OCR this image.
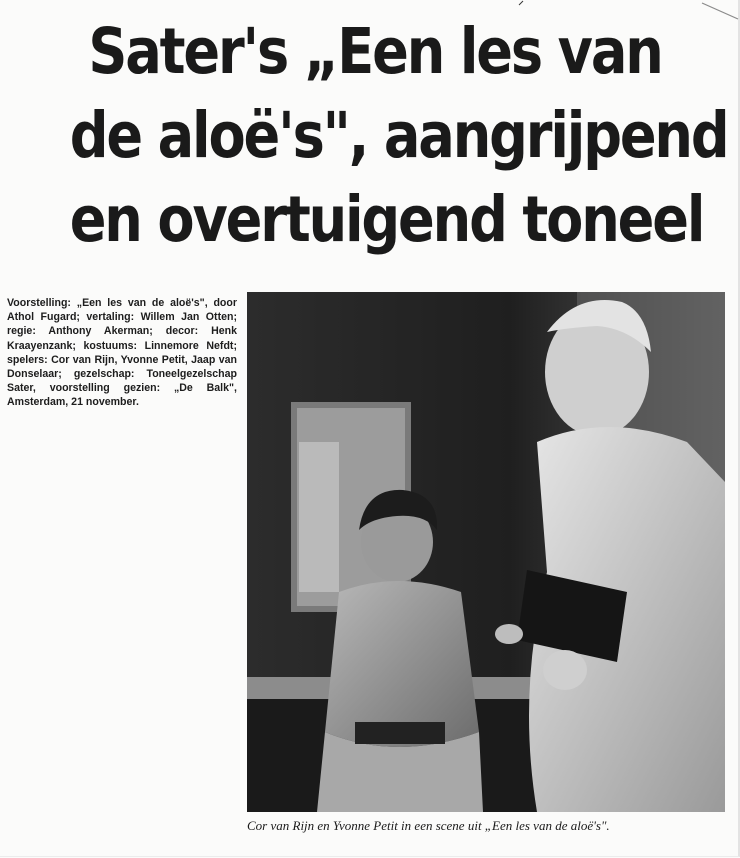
Sater's „Een les van
de aloë's", aangrijpend
en overtuigend toneel

Voorstelling: „Een les van de aloë's", door Athol Fugard; vertaling: Willem Jan Otten; regie: Anthony Akerman; decor: Henk Kraayenzank; kostuums: Linnemore Nefdt; spelers: Cor van Rijn, Yvonne Petit, Jaap van Donselaar; gezelschap: Toneelgezelschap Sater, voorstelling gezien: „De Balk", Amsterdam, 21 november.

Cor van Rijn en Yvonne Petit in een scene uit „Een les van de aloë's".
